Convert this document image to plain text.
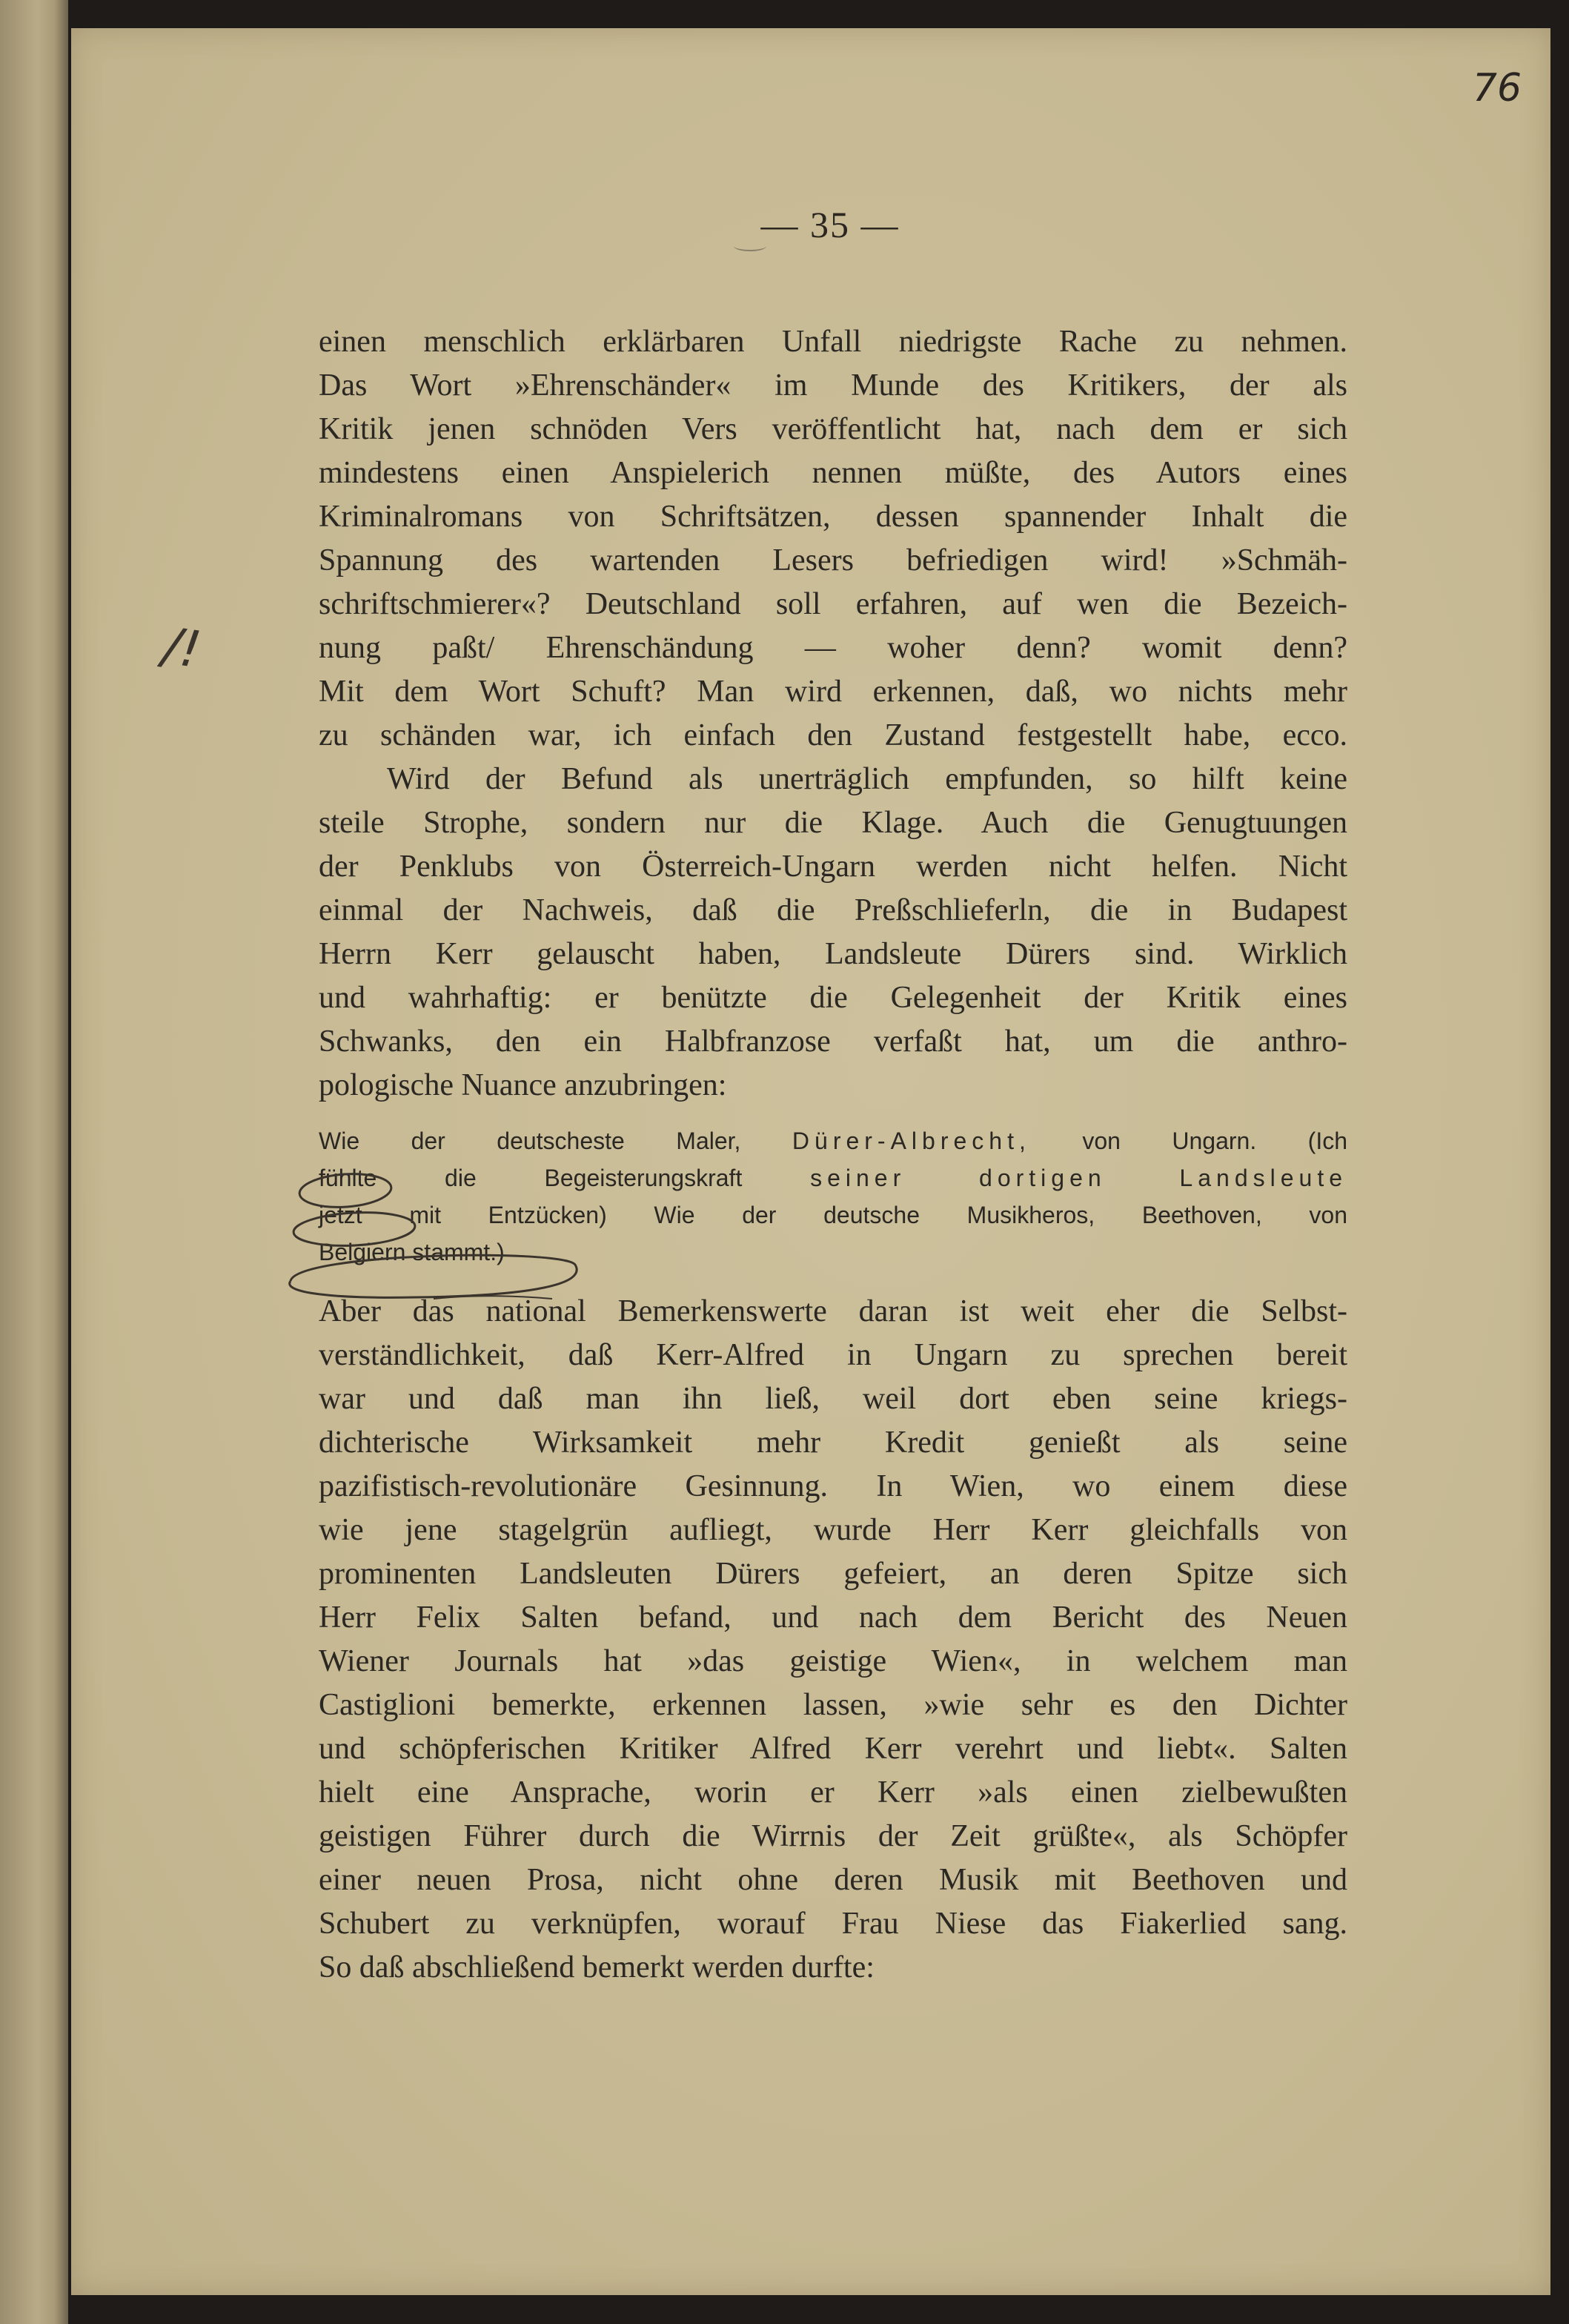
76
— 35 —
/!
einen menschlich erklärbaren Unfall niedrigste Rache zu nehmen.
Das Wort »Ehrenschänder« im Munde des Kritikers, der als
Kritik jenen schnöden Vers veröffentlicht hat, nach dem er sich
mindestens einen Anspielerich nennen müßte, des Autors eines
Kriminalromans von Schriftsätzen, dessen spannender Inhalt die
Spannung des wartenden Lesers befriedigen wird! »Schmäh-
schriftschmierer«? Deutschland soll erfahren, auf wen die Bezeich-
nung paßt/ Ehrenschändung — woher denn? womit denn?
Mit dem Wort Schuft? Man wird erkennen, daß, wo nichts mehr
zu schänden war, ich einfach den Zustand festgestellt habe, ecco.
Wird der Befund als unerträglich empfunden, so hilft keine
steile Strophe, sondern nur die Klage. Auch die Genugtuungen
der Penklubs von Österreich-Ungarn werden nicht helfen. Nicht
einmal der Nachweis, daß die Preßschlieferln, die in Budapest
Herrn Kerr gelauscht haben, Landsleute Dürers sind. Wirklich
und wahrhaftig: er benützte die Gelegenheit der Kritik eines
Schwanks, den ein Halbfranzose verfaßt hat, um die anthro-
pologische Nuance anzubringen:
Wie der deutscheste Maler, Dürer-Albrecht, von Ungarn. (Ich
fühlte die Begeisterungskraft	seiner dortigen Landsleute
jetzt mit Entzücken) Wie der deutsche Musikheros, Beethoven, von
Belgiern stammt.)
Aber das national Bemerkenswerte daran ist weit eher die Selbst-
verständlichkeit, daß Kerr-Alfred in Ungarn zu sprechen bereit
war und daß man ihn ließ, weil dort eben seine kriegs-
dichterische Wirksamkeit mehr Kredit genießt als seine
pazifistisch-revolutionäre Gesinnung. In Wien, wo einem diese
wie jene stagelgrün aufliegt, wurde Herr Kerr gleichfalls von
prominenten Landsleuten Dürers gefeiert, an deren Spitze sich
Herr Felix Salten befand, und nach dem Bericht des Neuen
Wiener Journals hat »das geistige Wien«, in welchem man
Castiglioni bemerkte, erkennen lassen, »wie sehr es den Dichter
und schöpferischen Kritiker Alfred Kerr verehrt und liebt«. Salten
hielt eine Ansprache, worin er Kerr »als einen zielbewußten
geistigen Führer durch die Wirrnis der Zeit grüßte«, als Schöpfer
einer neuen Prosa, nicht ohne deren Musik mit Beethoven und
Schubert zu verknüpfen, worauf Frau Niese das Fiakerlied sang.
So daß abschließend bemerkt werden durfte:
